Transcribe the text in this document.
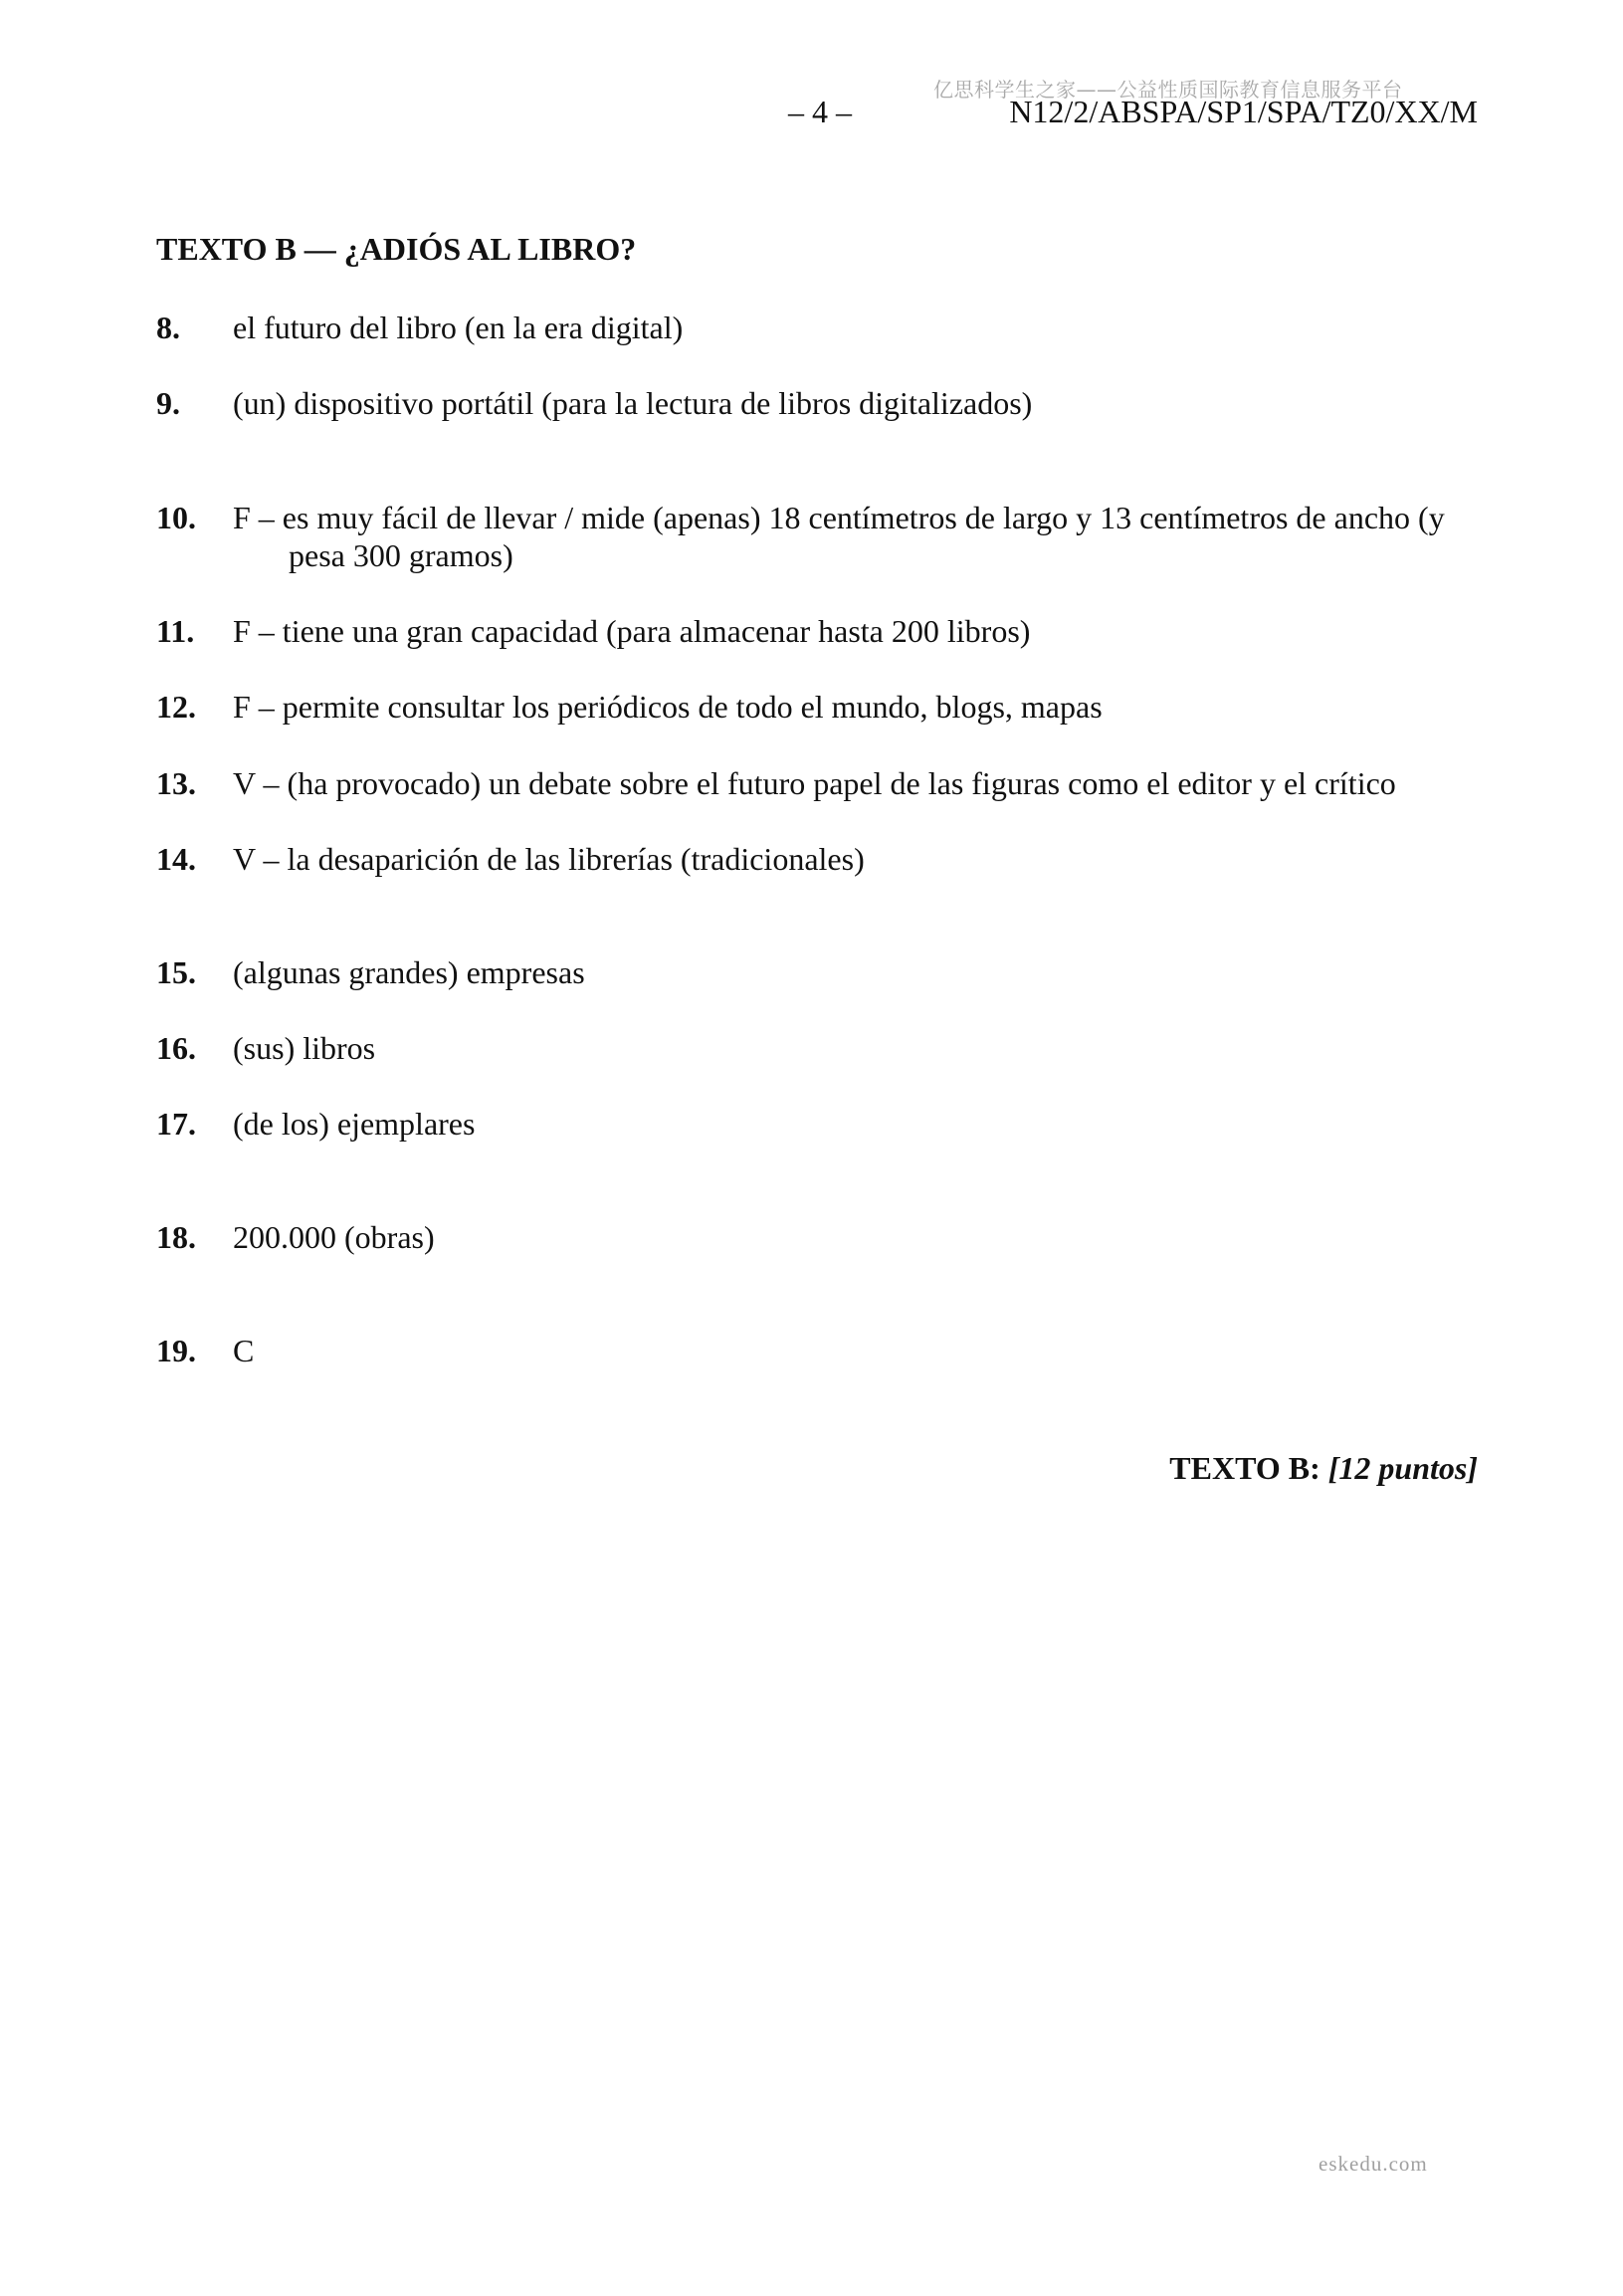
亿思科学生之家——公益性质国际教育信息服务平台
– 4 –	N12/2/ABSPA/SP1/SPA/TZ0/XX/M
TEXTO B — ¿ADIÓS AL LIBRO?
8. el futuro del libro (en la era digital)
9. (un) dispositivo portátil (para la lectura de libros digitalizados)
10. F – es muy fácil de llevar / mide (apenas) 18 centímetros de largo y 13 centímetros de ancho (y pesa 300 gramos)
11. F – tiene una gran capacidad (para almacenar hasta 200 libros)
12. F – permite consultar los periódicos de todo el mundo, blogs, mapas
13. V – (ha provocado) un debate sobre el futuro papel de las figuras como el editor y el crítico
14. V – la desaparición de las librerías (tradicionales)
15. (algunas grandes) empresas
16. (sus) libros
17. (de los) ejemplares
18. 200.000 (obras)
19. C
TEXTO B: [12 puntos]
eskedu.com
